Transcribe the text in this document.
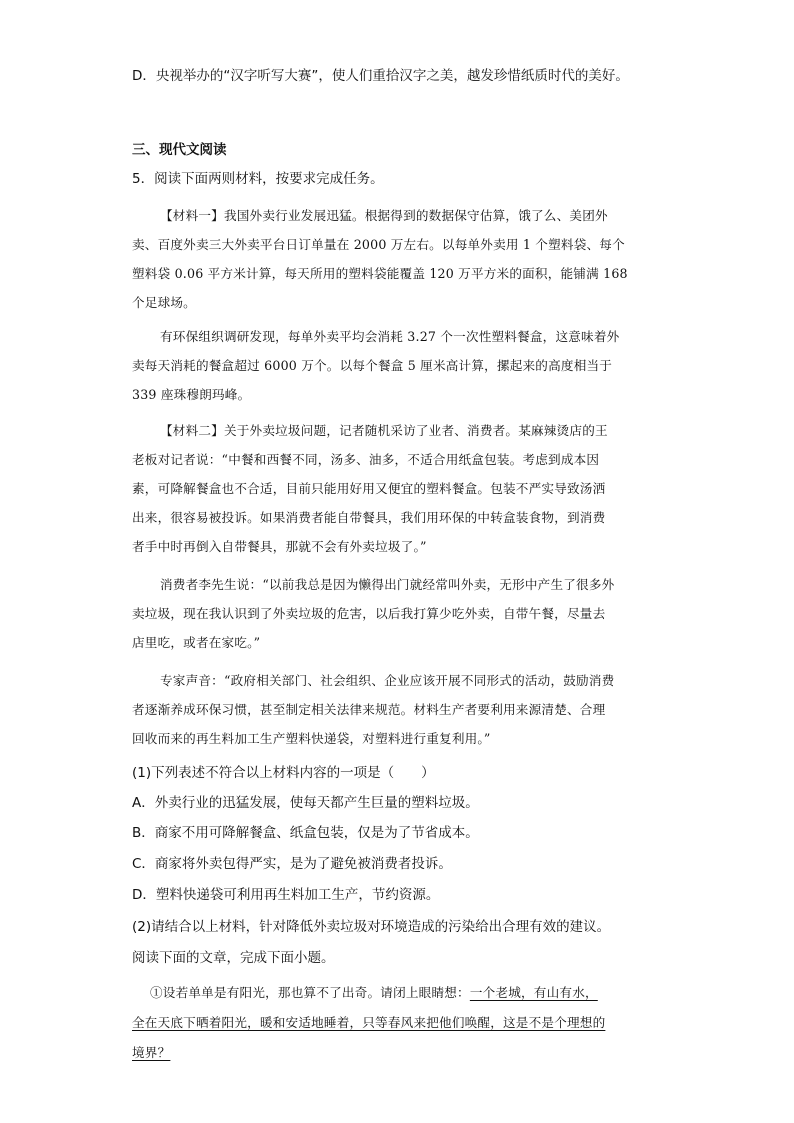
D．央视举办的“汉字听写大赛”，使人们重拾汉字之美，越发珍惜纸质时代的美好。
三、现代文阅读
5．阅读下面两则材料，按要求完成任务。
【材料一】我国外卖行业发展迅猛。根据得到的数据保守估算，饿了么、美团外
卖、百度外卖三大外卖平台日订单量在 2000 万左右。以每单外卖用 1 个塑料袋、每个
塑料袋 0.06 平方米计算，每天所用的塑料袋能覆盖 120 万平方米的面积，能铺满 168
个足球场。
有环保组织调研发现，每单外卖平均会消耗 3.27 个一次性塑料餐盒，这意味着外
卖每天消耗的餐盒超过 6000 万个。以每个餐盒 5 厘米高计算，摞起来的高度相当于
339 座珠穆朗玛峰。
【材料二】关于外卖垃圾问题，记者随机采访了业者、消费者。某麻辣烫店的王
老板对记者说：“中餐和西餐不同，汤多、油多，不适合用纸盒包装。考虑到成本因
素，可降解餐盒也不合适，目前只能用好用又便宜的塑料餐盒。包装不严实导致汤洒
出来，很容易被投诉。如果消费者能自带餐具，我们用环保的中转盒装食物，到消费
者手中时再倒入自带餐具，那就不会有外卖垃圾了。”
消费者李先生说：“以前我总是因为懒得出门就经常叫外卖，无形中产生了很多外
卖垃圾，现在我认识到了外卖垃圾的危害，以后我打算少吃外卖，自带午餐，尽量去
店里吃，或者在家吃。”
专家声音：“政府相关部门、社会组织、企业应该开展不同形式的活动，鼓励消费
者逐渐养成环保习惯，甚至制定相关法律来规范。材料生产者要利用来源清楚、合理
回收而来的再生料加工生产塑料快递袋，对塑料进行重复利用。”
(1)下列表述不符合以上材料内容的一项是（　　）
A．外卖行业的迅猛发展，使每天都产生巨量的塑料垃圾。
B．商家不用可降解餐盒、纸盒包装，仅是为了节省成本。
C．商家将外卖包得严实，是为了避免被消费者投诉。
D．塑料快递袋可利用再生料加工生产，节约资源。
(2)请结合以上材料，针对降低外卖垃圾对环境造成的污染给出合理有效的建议。
阅读下面的文章，完成下面小题。
①设若单单是有阳光，那也算不了出奇。请闭上眼睛想：一个老城，有山有水，
全在天底下晒着阳光，暖和安适地睡着，只等春风来把他们唤醒，这是不是个理想的
境界？
